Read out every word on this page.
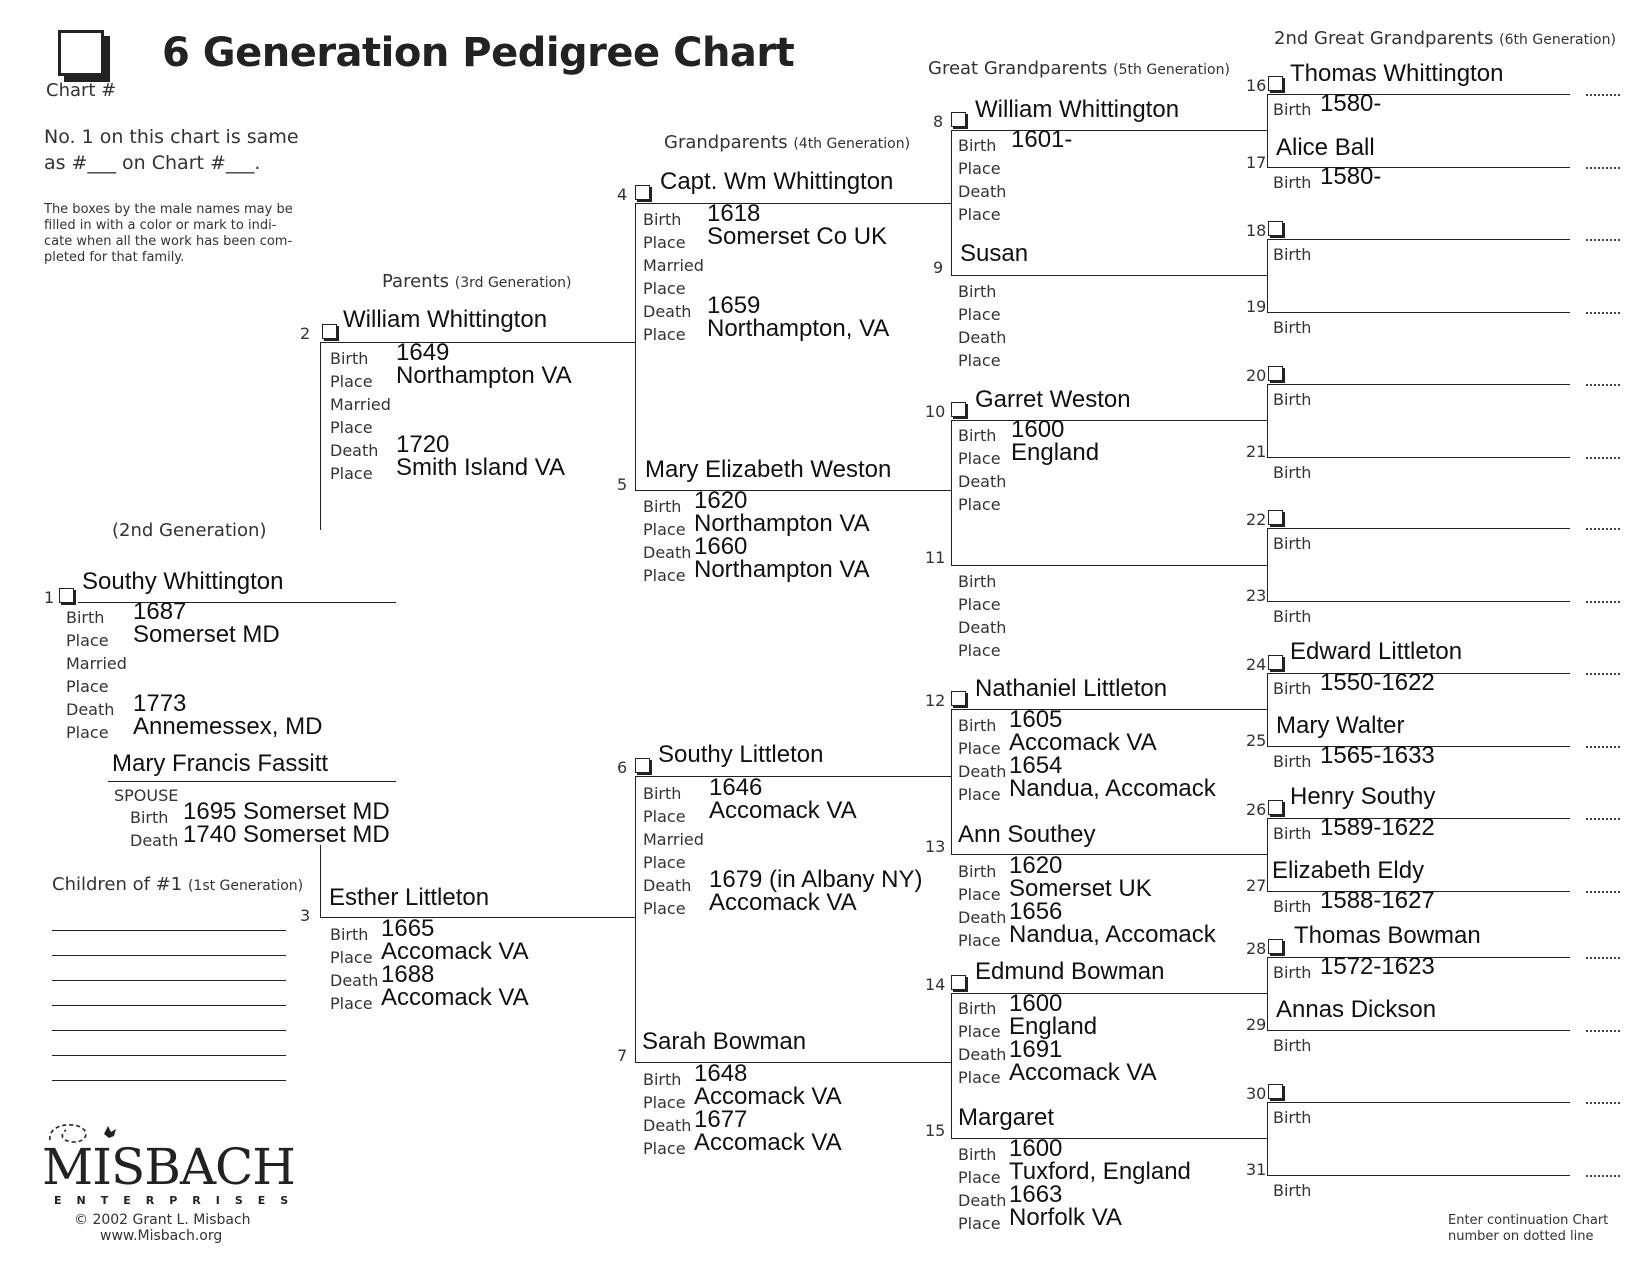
Chart #
6 Generation Pedigree Chart
No. 1 on this chart is same
as #___ on Chart #___.
The boxes by the male names may be
filled in with a color or mark to indi-
cate when all the work has been com-
pleted for that family.
(2nd Generation)
Parents (3rd Generation)
Grandparents (4th Generation)
Great Grandparents (5th Generation)
2nd Great Grandparents (6th Generation)
1
Southy Whittington
Birth
Place
Married
Place
Death
Place
1687
Somerset MD
1773
Annemessex, MD
Mary Francis Fassitt
SPOUSE
Birth
Death
1695 Somerset MD
1740 Somerset MD
Children of #1 (1st Generation)
2
William Whittington
Birth
Place
Married
Place
Death
Place
1649
Northampton VA
1720
Smith Island VA
3
Esther Littleton
Birth
Place
Death
Place
1665
Accomack VA
1688
Accomack VA
4 Capt. Wm Whittington
Birth
Place
Married
Place
Death
Place
1618
Somerset Co UK
1659
Northampton, VA
5
Mary Elizabeth Weston
Birth
Place
Death
Place
1620
Northampton VA
1660
Northampton VA
6 Southy Littleton
Birth
Place
Married
Place
Death
Place
1646
Accomack VA
1679 (in Albany NY)
Accomack VA
7
Sarah Bowman
Birth
Place
Death
Place
1648
Accomack VA
1677
Accomack VA
8 William Whittington
Birth
Place
Death
Place
1601-
9
Susan
Birth
Place
Death
Place
10 Garret Weston
Birth
Place
Death
Place
1600
England
11
Birth
Place
Death
Place
12 Nathaniel Littleton
Birth
Place
Death
Place
1605
Accomack VA
1654
Nandua, Accomack
13 Ann Southey
Birth
Place
Death
Place
1620
Somerset UK
1656
Nandua, Accomack
14 Edmund Bowman
Birth
Place
Death
Place
1600
England
1691
Accomack VA
15 Margaret
Birth
Place
Death
Place
1600
Tuxford, England
1663
Norfolk VA
16 Thomas Whittington
Birth 1580-
17
Alice Ball
Birth 1580-
18
Birth
19
Birth
20
Birth
21
Birth
22
Birth
23
Birth
24 Edward Littleton
Birth 1550-1622
25
Mary Walter
Birth 1565-1633
26 Henry Southy
Birth 1589-1622
27
Elizabeth Eldy
Birth 1588-1627
28 Thomas Bowman
Birth 1572-1623
29
Annas Dickson
Birth
30
Birth
31
Birth
MISBACH
ENTERPRISES
© 2002 Grant L. Misbach
www.Misbach.org
Enter continuation Chart
number on dotted line
